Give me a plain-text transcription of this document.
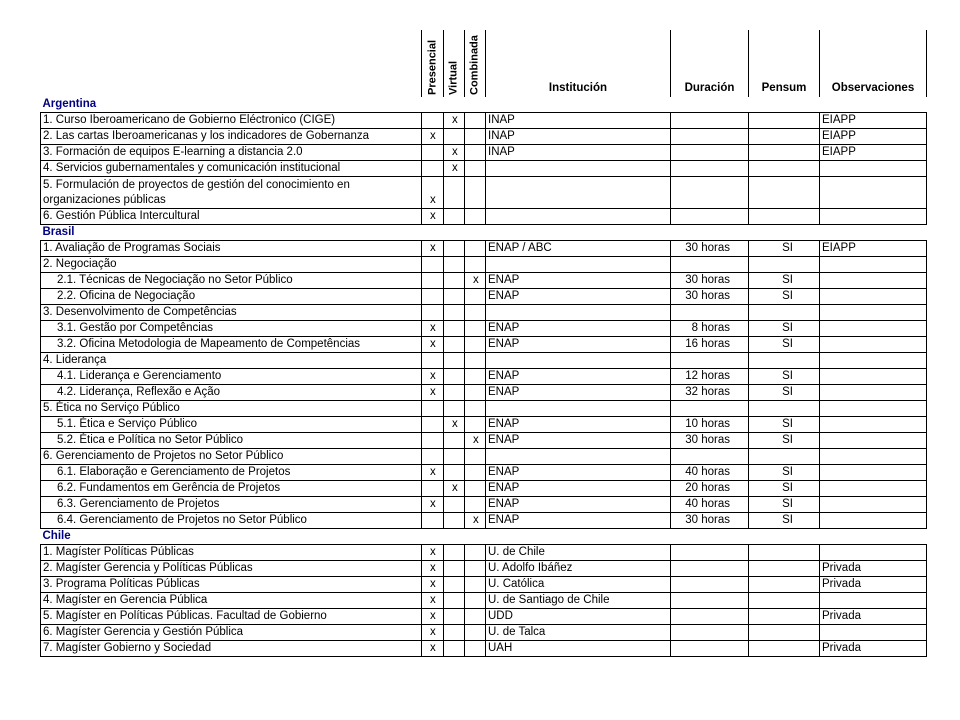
	Presencial	Virtual	Combinada	Institución	Duración	Pensum	Observaciones

Argentina							
1. Curso Iberoamericano de Gobierno Eléctronico (CIGE)		x		INAP			EIAPP
2. Las cartas Iberoamericanas y los indicadores de Gobernanza	x			INAP			EIAPP
3. Formación de equipos E-learning a distancia 2.0		x		INAP			EIAPP
4. Servicios gubernamentales y comunicación institucional		x					
5. Formulación de proyectos de gestión del conocimiento en organizaciones públicas	x						
6. Gestión Pública Intercultural	x						
Brasil							
1. Avaliação de Programas Sociais	x			ENAP / ABC	30 horas	SI	EIAPP
2. Negociação							
2.1. Técnicas de Negociação no Setor Público			x	ENAP	30 horas	SI	
2.2. Oficina de Negociação				ENAP	30 horas	SI	
3. Desenvolvimento de Competências							
3.1. Gestão por Competências	x			ENAP	8 horas	SI	
3.2. Oficina Metodologia de Mapeamento de Competências	x			ENAP	16 horas	SI	
4. Liderança							
4.1. Liderança e Gerenciamento	x			ENAP	12 horas	SI	
4.2. Liderança, Reflexão e Ação	x			ENAP	32 horas	SI	
5. Ética no Serviço Público							
5.1. Ética e Serviço Público		x		ENAP	10 horas	SI	
5.2. Ética e Política no Setor Público			x	ENAP	30 horas	SI	
6. Gerenciamento de Projetos no Setor Público							
6.1. Elaboração e Gerenciamento de Projetos	x			ENAP	40 horas	SI	
6.2. Fundamentos em Gerência de Projetos		x		ENAP	20 horas	SI	
6.3. Gerenciamento de Projetos	x			ENAP	40 horas	SI	
6.4. Gerenciamento de Projetos no Setor Público			x	ENAP	30 horas	SI	
Chile							
1. Magíster Políticas Públicas	x			U. de Chile			
2. Magíster Gerencia y Políticas Públicas	x			U. Adolfo Ibáñez			Privada
3. Programa Políticas Públicas	x			U. Católica			Privada
4. Magíster en Gerencia Pública	x			U. de Santiago de Chile			
5. Magíster en Políticas Públicas. Facultad de Gobierno	x			UDD			Privada
6. Magíster Gerencia y Gestión Pública	x			U. de Talca			
7. Magíster Gobierno y Sociedad	x			UAH			Privada
